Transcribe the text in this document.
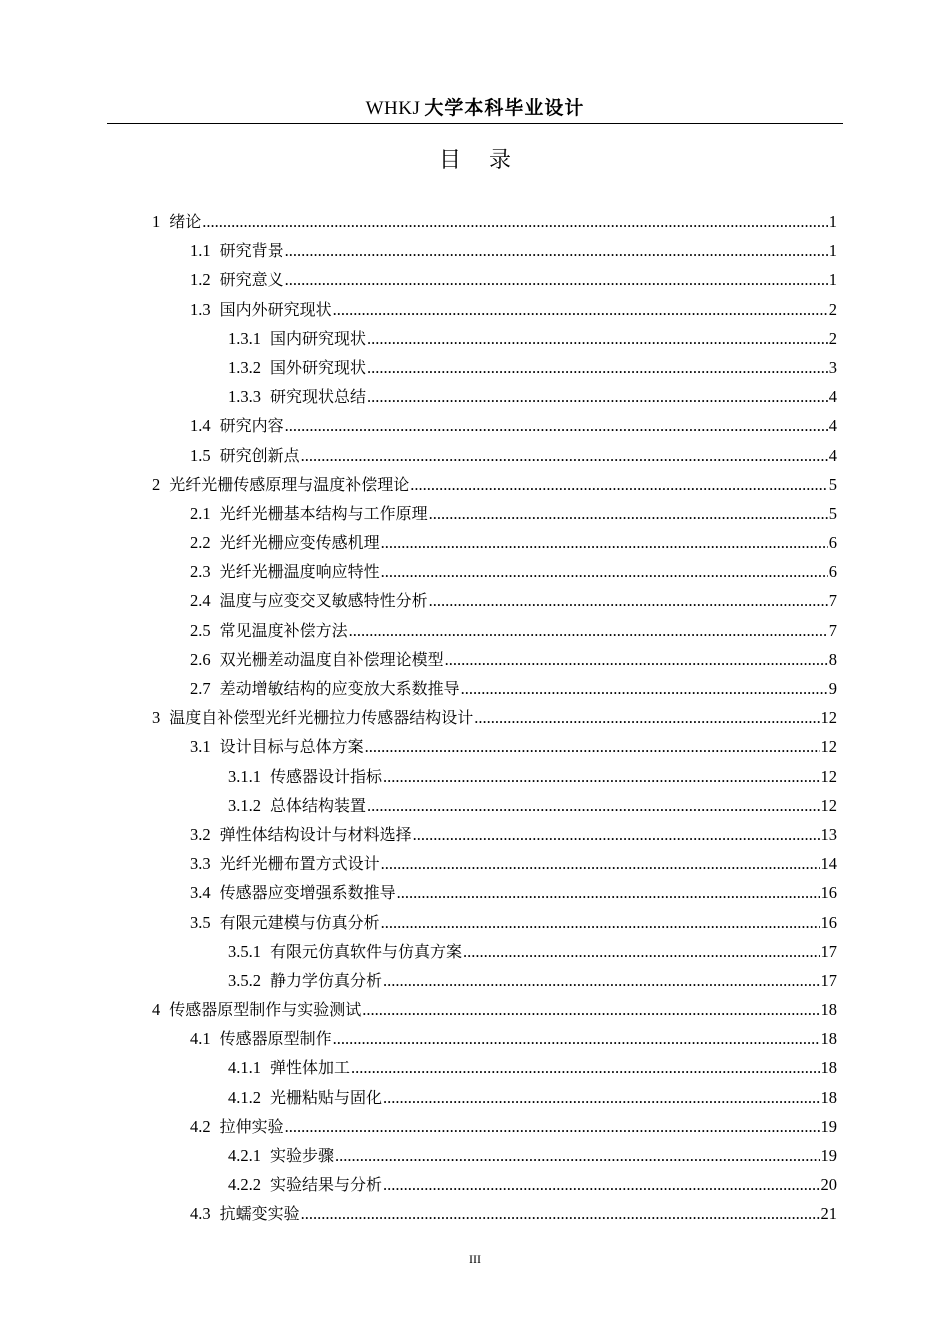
WHKJ 大学本科毕业设计
目录
1 绪论 .....	1
1.1 研究背景 .....	1
1.2 研究意义 .....	1
1.3 国内外研究现状 .....	2
1.3.1 国内研究现状 .....	2
1.3.2 国外研究现状 .....	3
1.3.3 研究现状总结 .....	4
1.4 研究内容 .....	4
1.5 研究创新点 .....	4
2 光纤光栅传感原理与温度补偿理论 .....	5
2.1 光纤光栅基本结构与工作原理 .....	5
2.2 光纤光栅应变传感机理 .....	6
2.3 光纤光栅温度响应特性 .....	6
2.4 温度与应变交叉敏感特性分析 .....	7
2.5 常见温度补偿方法 .....	7
2.6 双光栅差动温度自补偿理论模型 .....	8
2.7 差动增敏结构的应变放大系数推导 .....	9
3 温度自补偿型光纤光栅拉力传感器结构设计 .....	12
3.1 设计目标与总体方案 .....	12
3.1.1 传感器设计指标 .....	12
3.1.2 总体结构装置 .....	12
3.2 弹性体结构设计与材料选择 .....	13
3.3 光纤光栅布置方式设计 .....	14
3.4 传感器应变增强系数推导 .....	16
3.5 有限元建模与仿真分析 .....	16
3.5.1 有限元仿真软件与仿真方案 .....	17
3.5.2 静力学仿真分析 .....	17
4 传感器原型制作与实验测试 .....	18
4.1 传感器原型制作 .....	18
4.1.1 弹性体加工 .....	18
4.1.2 光栅粘贴与固化 .....	18
4.2 拉伸实验 .....	19
4.2.1 实验步骤 .....	19
4.2.2 实验结果与分析 .....	20
4.3 抗蠕变实验 .....	21
III
